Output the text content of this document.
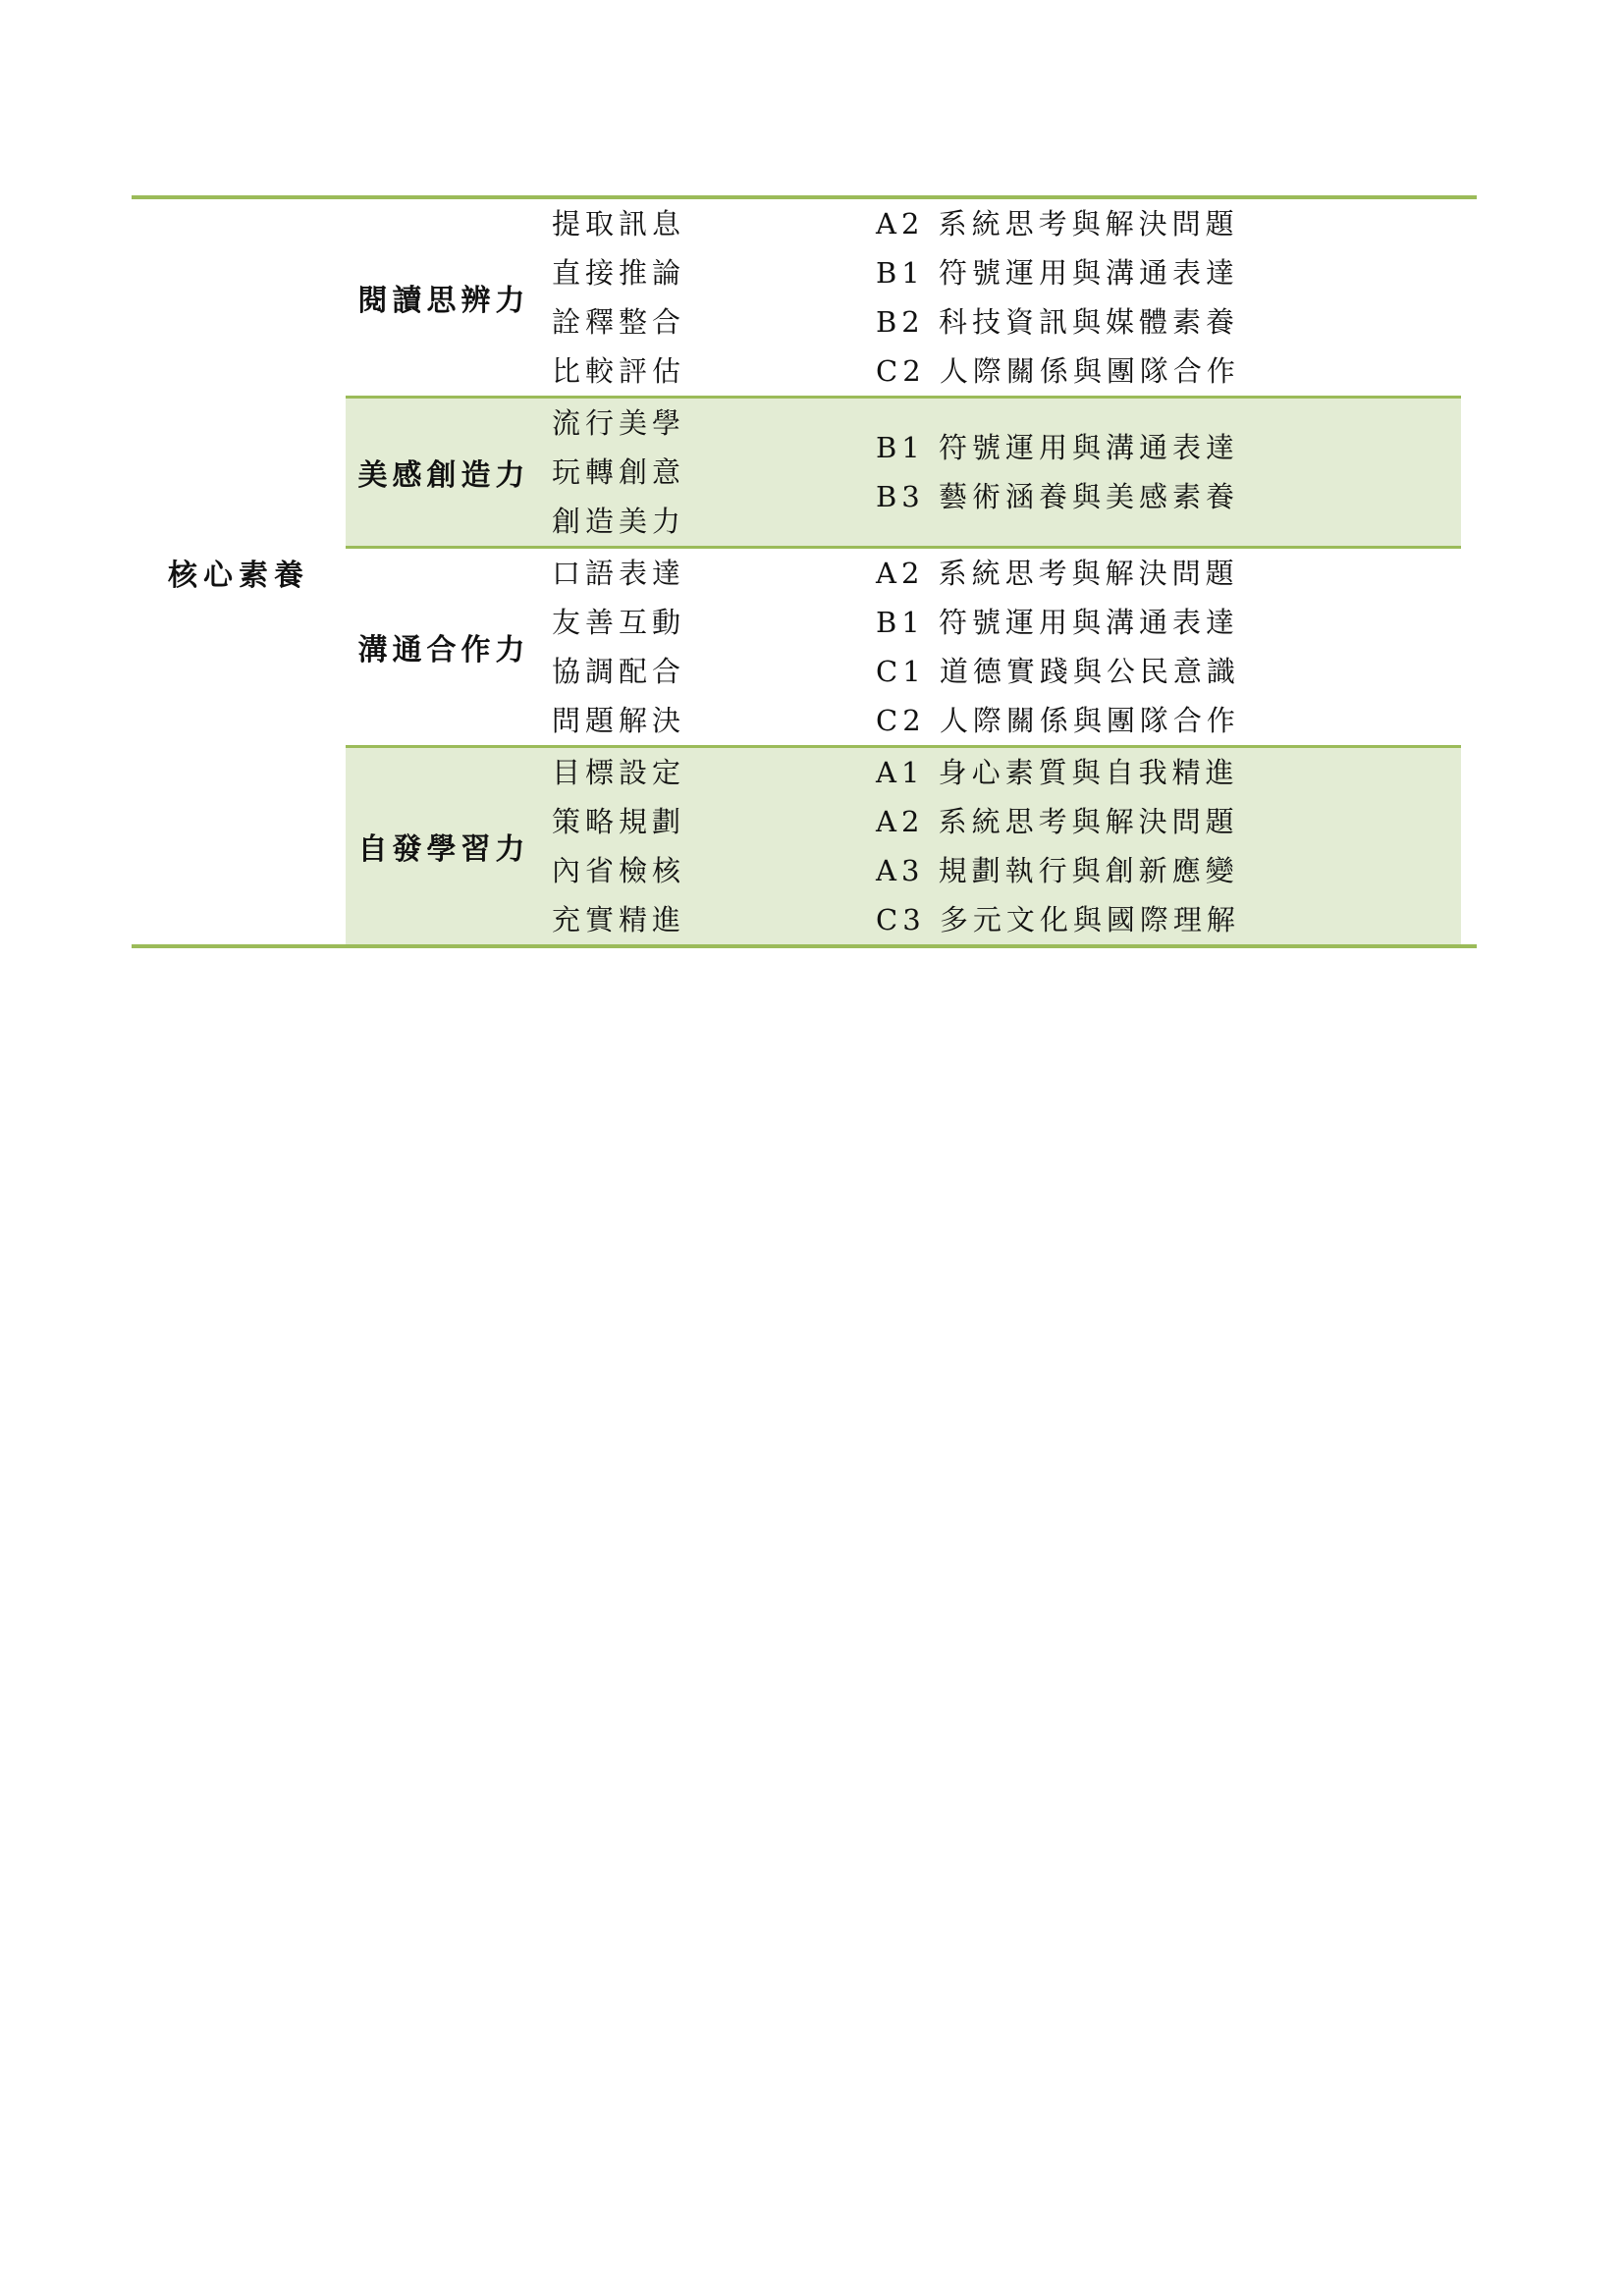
核心素養
閱讀思辨力
提取訊息
直接推論
詮釋整合
比較評估
A2 系統思考與解決問題
B1 符號運用與溝通表達
B2 科技資訊與媒體素養
C2 人際關係與團隊合作
美感創造力
流行美學
玩轉創意
創造美力
B1 符號運用與溝通表達
B3 藝術涵養與美感素養
溝通合作力
口語表達
友善互動
協調配合
問題解決
A2 系統思考與解決問題
B1 符號運用與溝通表達
C1 道德實踐與公民意識
C2 人際關係與團隊合作
自發學習力
目標設定
策略規劃
內省檢核
充實精進
A1 身心素質與自我精進
A2 系統思考與解決問題
A3 規劃執行與創新應變
C3 多元文化與國際理解
